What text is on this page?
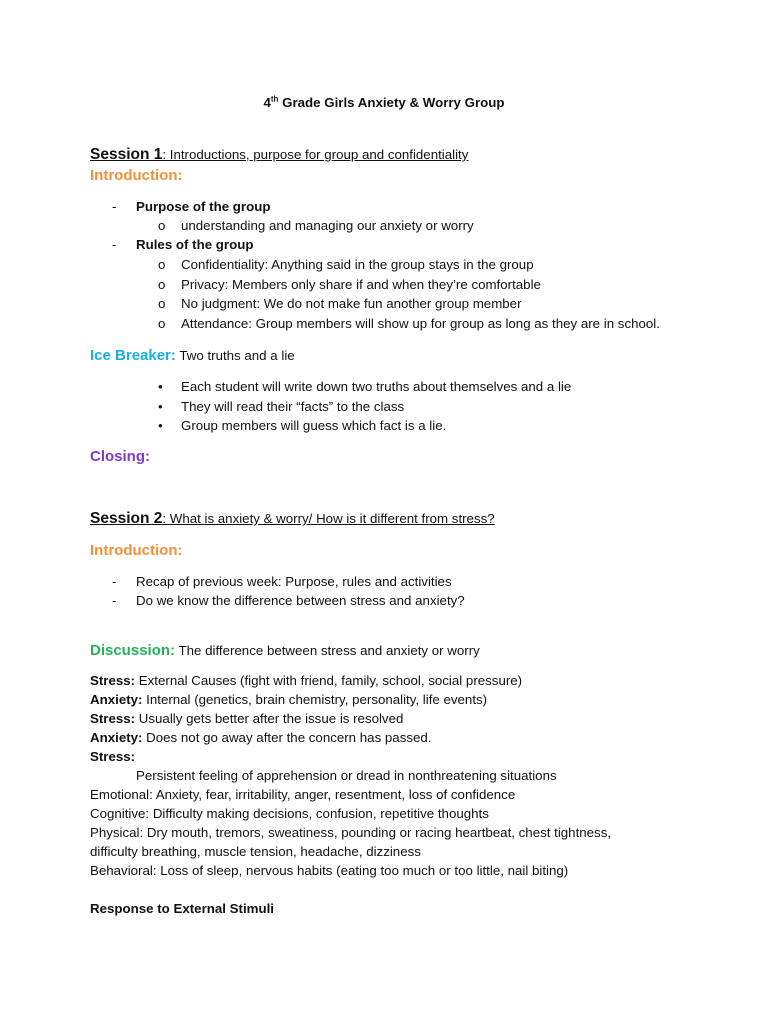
4th Grade Girls Anxiety & Worry Group
Session 1: Introductions, purpose for group and confidentiality
Introduction:
- Purpose of the group
o understanding and managing our anxiety or worry
- Rules of the group
o Confidentiality: Anything said in the group stays in the group
o Privacy: Members only share if and when they’re comfortable
o No judgment: We do not make fun another group member
o Attendance: Group members will show up for group as long as they are in school.
Ice Breaker: Two truths and a lie
• Each student will write down two truths about themselves and a lie
• They will read their “facts” to the class
• Group members will guess which fact is a lie.
Closing:
Session 2: What is anxiety & worry/ How is it different from stress?
Introduction:
- Recap of previous week: Purpose, rules and activities
- Do we know the difference between stress and anxiety?
Discussion: The difference between stress and anxiety or worry
Stress: External Causes (fight with friend, family, school, social pressure)
Anxiety: Internal (genetics, brain chemistry, personality, life events)
Stress: Usually gets better after the issue is resolved
Anxiety: Does not go away after the concern has passed.
Stress:
Persistent feeling of apprehension or dread in nonthreatening situations
Emotional: Anxiety, fear, irritability, anger, resentment, loss of confidence
Cognitive: Difficulty making decisions, confusion, repetitive thoughts
Physical: Dry mouth, tremors, sweatiness, pounding or racing heartbeat, chest tightness,
difficulty breathing, muscle tension, headache, dizziness
Behavioral: Loss of sleep, nervous habits (eating too much or too little, nail biting)
Response to External Stimuli
